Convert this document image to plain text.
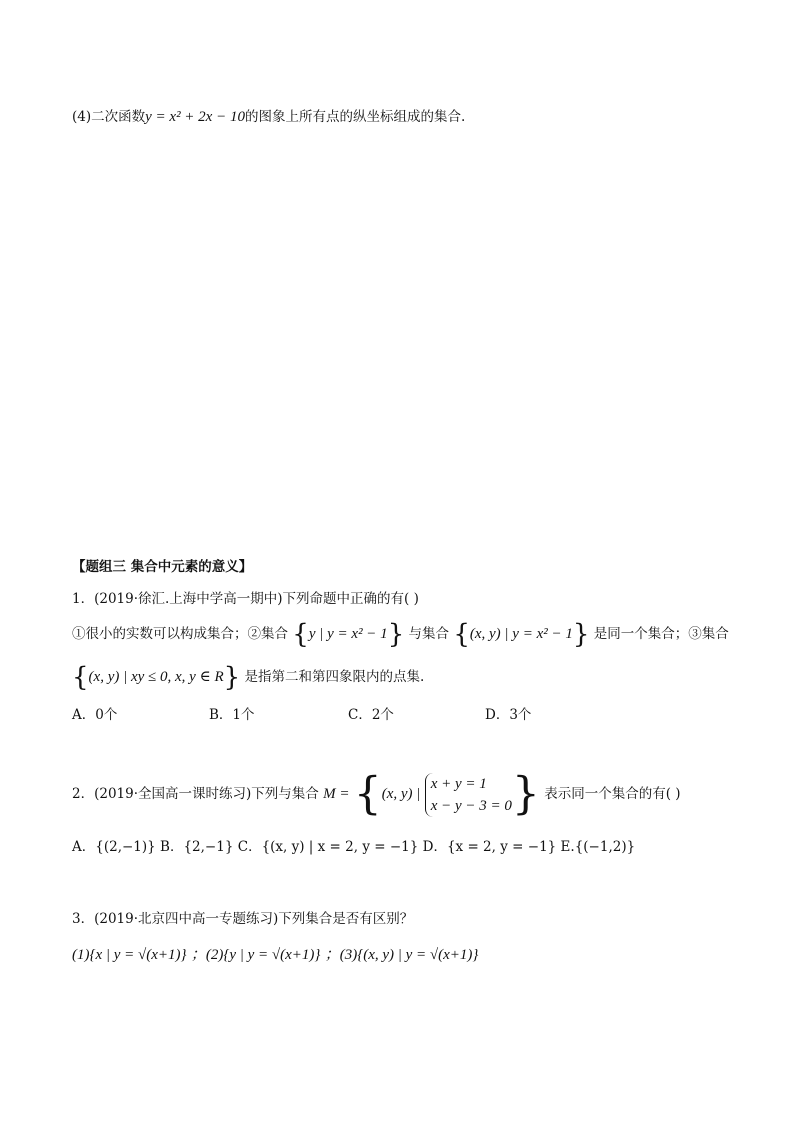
(4)二次函数y = x² + 2x − 10的图象上所有点的纵坐标组成的集合.
【题组三 集合中元素的意义】
1．(2019·徐汇.上海中学高一期中)下列命题中正确的有( )
①很小的实数可以构成集合；②集合 {y | y = x² − 1} 与集合 {(x, y) | y = x² − 1} 是同一个集合；③集合
{(x, y) | xy ≤ 0, x, y ∈ R} 是指第二和第四象限内的点集.
A．0个	B．1个	C．2个	D．3个
2．(2019·全国高一课时练习)下列与集合 M = {(x, y) |
x + y = 1
x − y − 3 = 0 } 表示同一个集合的有( )
A．{(2,−1)} B．{2,−1} C．{(x, y) | x = 2, y = −1} D．{x = 2, y = −1} E.{(−1,2)}
3．(2019·北京四中高一专题练习)下列集合是否有区别？
(1){x | y = √(x+1)} ；(2){y | y = √(x+1)} ；(3){(x, y) | y = √(x+1)}
